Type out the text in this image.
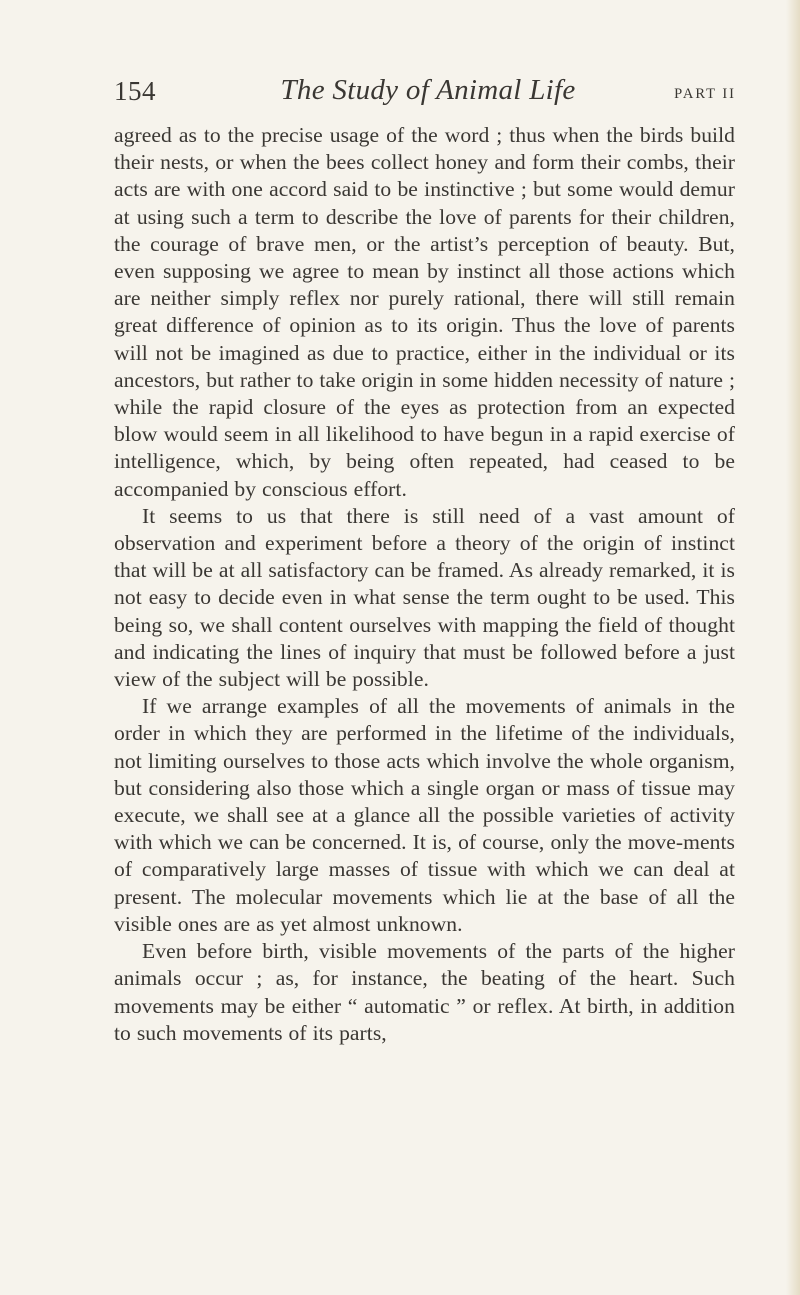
154	The Study of Animal Life	PART II

agreed as to the precise usage of the word ; thus when the birds build their nests, or when the bees collect honey and form their combs, their acts are with one accord said to be instinctive ; but some would demur at using such a term to describe the love of parents for their children, the courage of brave men, or the artist’s perception of beauty. But, even supposing we agree to mean by instinct all those actions which are neither simply reflex nor purely rational, there will still remain great difference of opinion as to its origin. Thus the love of parents will not be imagined as due to practice, either in the individual or its ancestors, but rather to take origin in some hidden necessity of nature ; while the rapid closure of the eyes as protection from an expected blow would seem in all likelihood to have begun in a rapid exercise of intelligence, which, by being often repeated, had ceased to be accompanied by conscious effort.

It seems to us that there is still need of a vast amount of observation and experiment before a theory of the origin of instinct that will be at all satisfactory can be framed. As already remarked, it is not easy to decide even in what sense the term ought to be used. This being so, we shall content ourselves with mapping the field of thought and indicating the lines of inquiry that must be followed before a just view of the subject will be possible.

If we arrange examples of all the movements of animals in the order in which they are performed in the lifetime of the individuals, not limiting ourselves to those acts which involve the whole organism, but considering also those which a single organ or mass of tissue may execute, we shall see at a glance all the possible varieties of activity with which we can be concerned. It is, of course, only the move-ments of comparatively large masses of tissue with which we can deal at present. The molecular movements which lie at the base of all the visible ones are as yet almost unknown.

Even before birth, visible movements of the parts of the higher animals occur ; as, for instance, the beating of the heart. Such movements may be either “ automatic ” or reflex. At birth, in addition to such movements of its parts,
